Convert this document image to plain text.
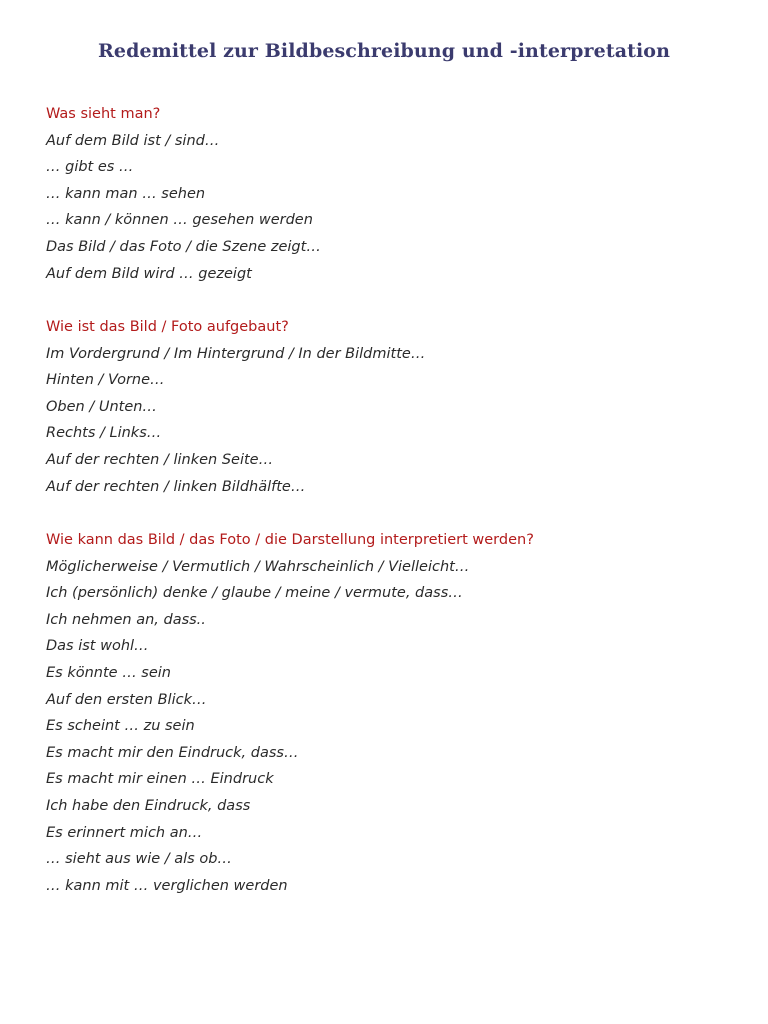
Redemittel zur Bildbeschreibung und -interpretation
Was sieht man?
Auf dem Bild ist / sind…
… gibt es …
… kann man … sehen
… kann / können … gesehen werden
Das Bild / das Foto / die Szene zeigt…
Auf dem Bild wird … gezeigt
Wie ist das Bild / Foto aufgebaut?
Im Vordergrund / Im Hintergrund / In der Bildmitte…
Hinten / Vorne…
Oben / Unten…
Rechts / Links…
Auf der rechten / linken Seite…
Auf der rechten / linken Bildhälfte…
Wie kann das Bild / das Foto / die Darstellung interpretiert werden?
Möglicherweise / Vermutlich / Wahrscheinlich / Vielleicht…
Ich (persönlich) denke / glaube / meine / vermute, dass…
Ich nehmen an, dass..
Das ist wohl…
Es könnte … sein
Auf den ersten Blick…
Es scheint … zu sein
Es macht mir den Eindruck, dass…
Es macht mir einen … Eindruck
Ich habe den Eindruck, dass
Es erinnert mich an…
… sieht aus wie / als ob…
… kann mit … verglichen werden
